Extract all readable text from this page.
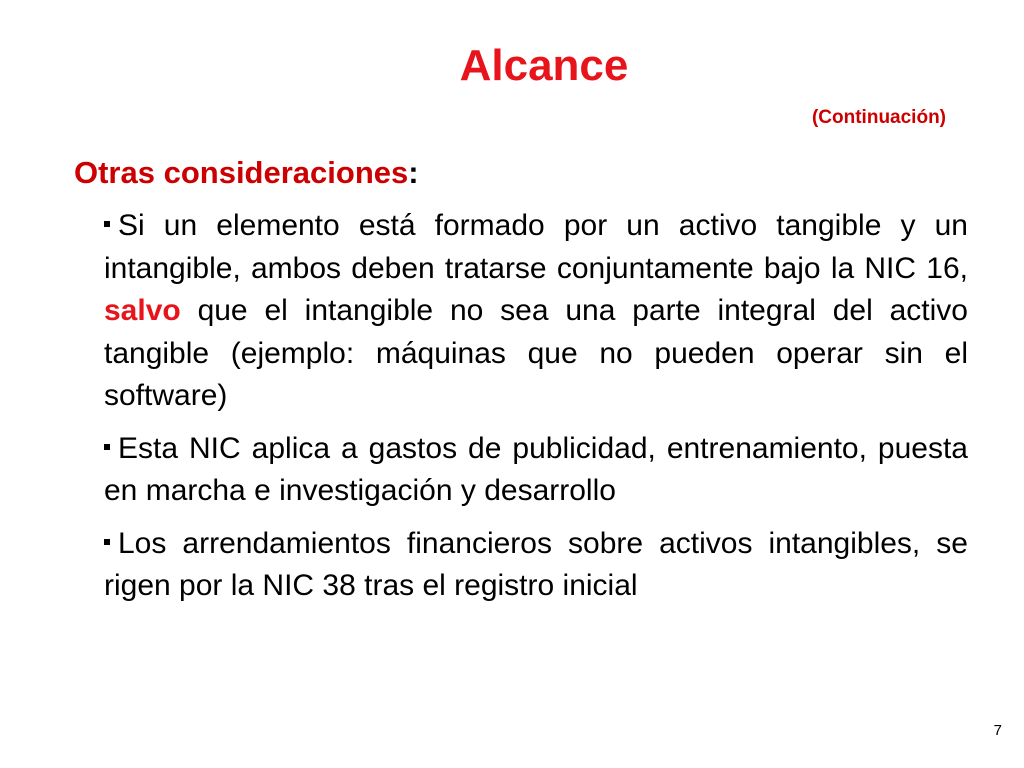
Alcance
(Continuación)
Otras consideraciones:
Si un elemento está formado por un activo tangible y un intangible, ambos deben tratarse conjuntamente bajo la NIC 16, salvo que el intangible no sea una parte integral del activo tangible (ejemplo: máquinas que no pueden operar sin el software)
Esta NIC aplica a gastos de publicidad, entrenamiento, puesta en marcha e investigación y desarrollo
Los arrendamientos financieros sobre activos intangibles, se rigen por la NIC 38 tras el registro inicial
7
